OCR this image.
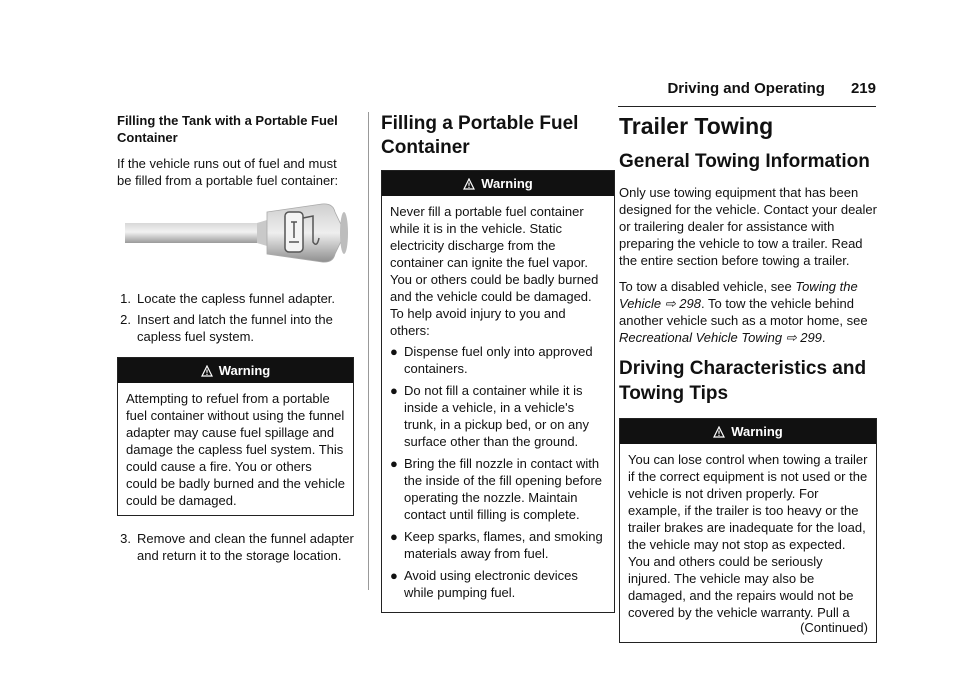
Driving and Operating 219

Filling the Tank with a Portable Fuel Container

If the vehicle runs out of fuel and must be filled from a portable fuel container:

1. Locate the capless funnel adapter.
2. Insert and latch the funnel into the capless fuel system.
Warning
Attempting to refuel from a portable fuel container without using the funnel adapter may cause fuel spillage and damage the capless fuel system. This could cause a fire. You or others could be badly burned and the vehicle could be damaged.
3. Remove and clean the funnel adapter and return it to the storage location.
Filling a Portable Fuel Container
Warning
Never fill a portable fuel container while it is in the vehicle. Static electricity discharge from the container can ignite the fuel vapor. You or others could be badly burned and the vehicle could be damaged. To help avoid injury to you and others:
● Dispense fuel only into approved containers.
● Do not fill a container while it is inside a vehicle, in a vehicle's trunk, in a pickup bed, or on any surface other than the ground.
● Bring the fill nozzle in contact with the inside of the fill opening before operating the nozzle. Maintain contact until filling is complete.
● Keep sparks, flames, and smoking materials away from fuel.
● Avoid using electronic devices while pumping fuel.
Trailer Towing
General Towing Information

Only use towing equipment that has been designed for the vehicle. Contact your dealer or trailering dealer for assistance with preparing the vehicle to tow a trailer. Read the entire section before towing a trailer.

To tow a disabled vehicle, see Towing the Vehicle ⇨ 298. To tow the vehicle behind another vehicle such as a motor home, see Recreational Vehicle Towing ⇨ 299.

Driving Characteristics and Towing Tips
Warning
You can lose control when towing a trailer if the correct equipment is not used or the vehicle is not driven properly. For example, if the trailer is too heavy or the trailer brakes are inadequate for the load, the vehicle may not stop as expected. You and others could be seriously injured. The vehicle may also be damaged, and the repairs would not be covered by the vehicle warranty. Pull a
(Continued)
